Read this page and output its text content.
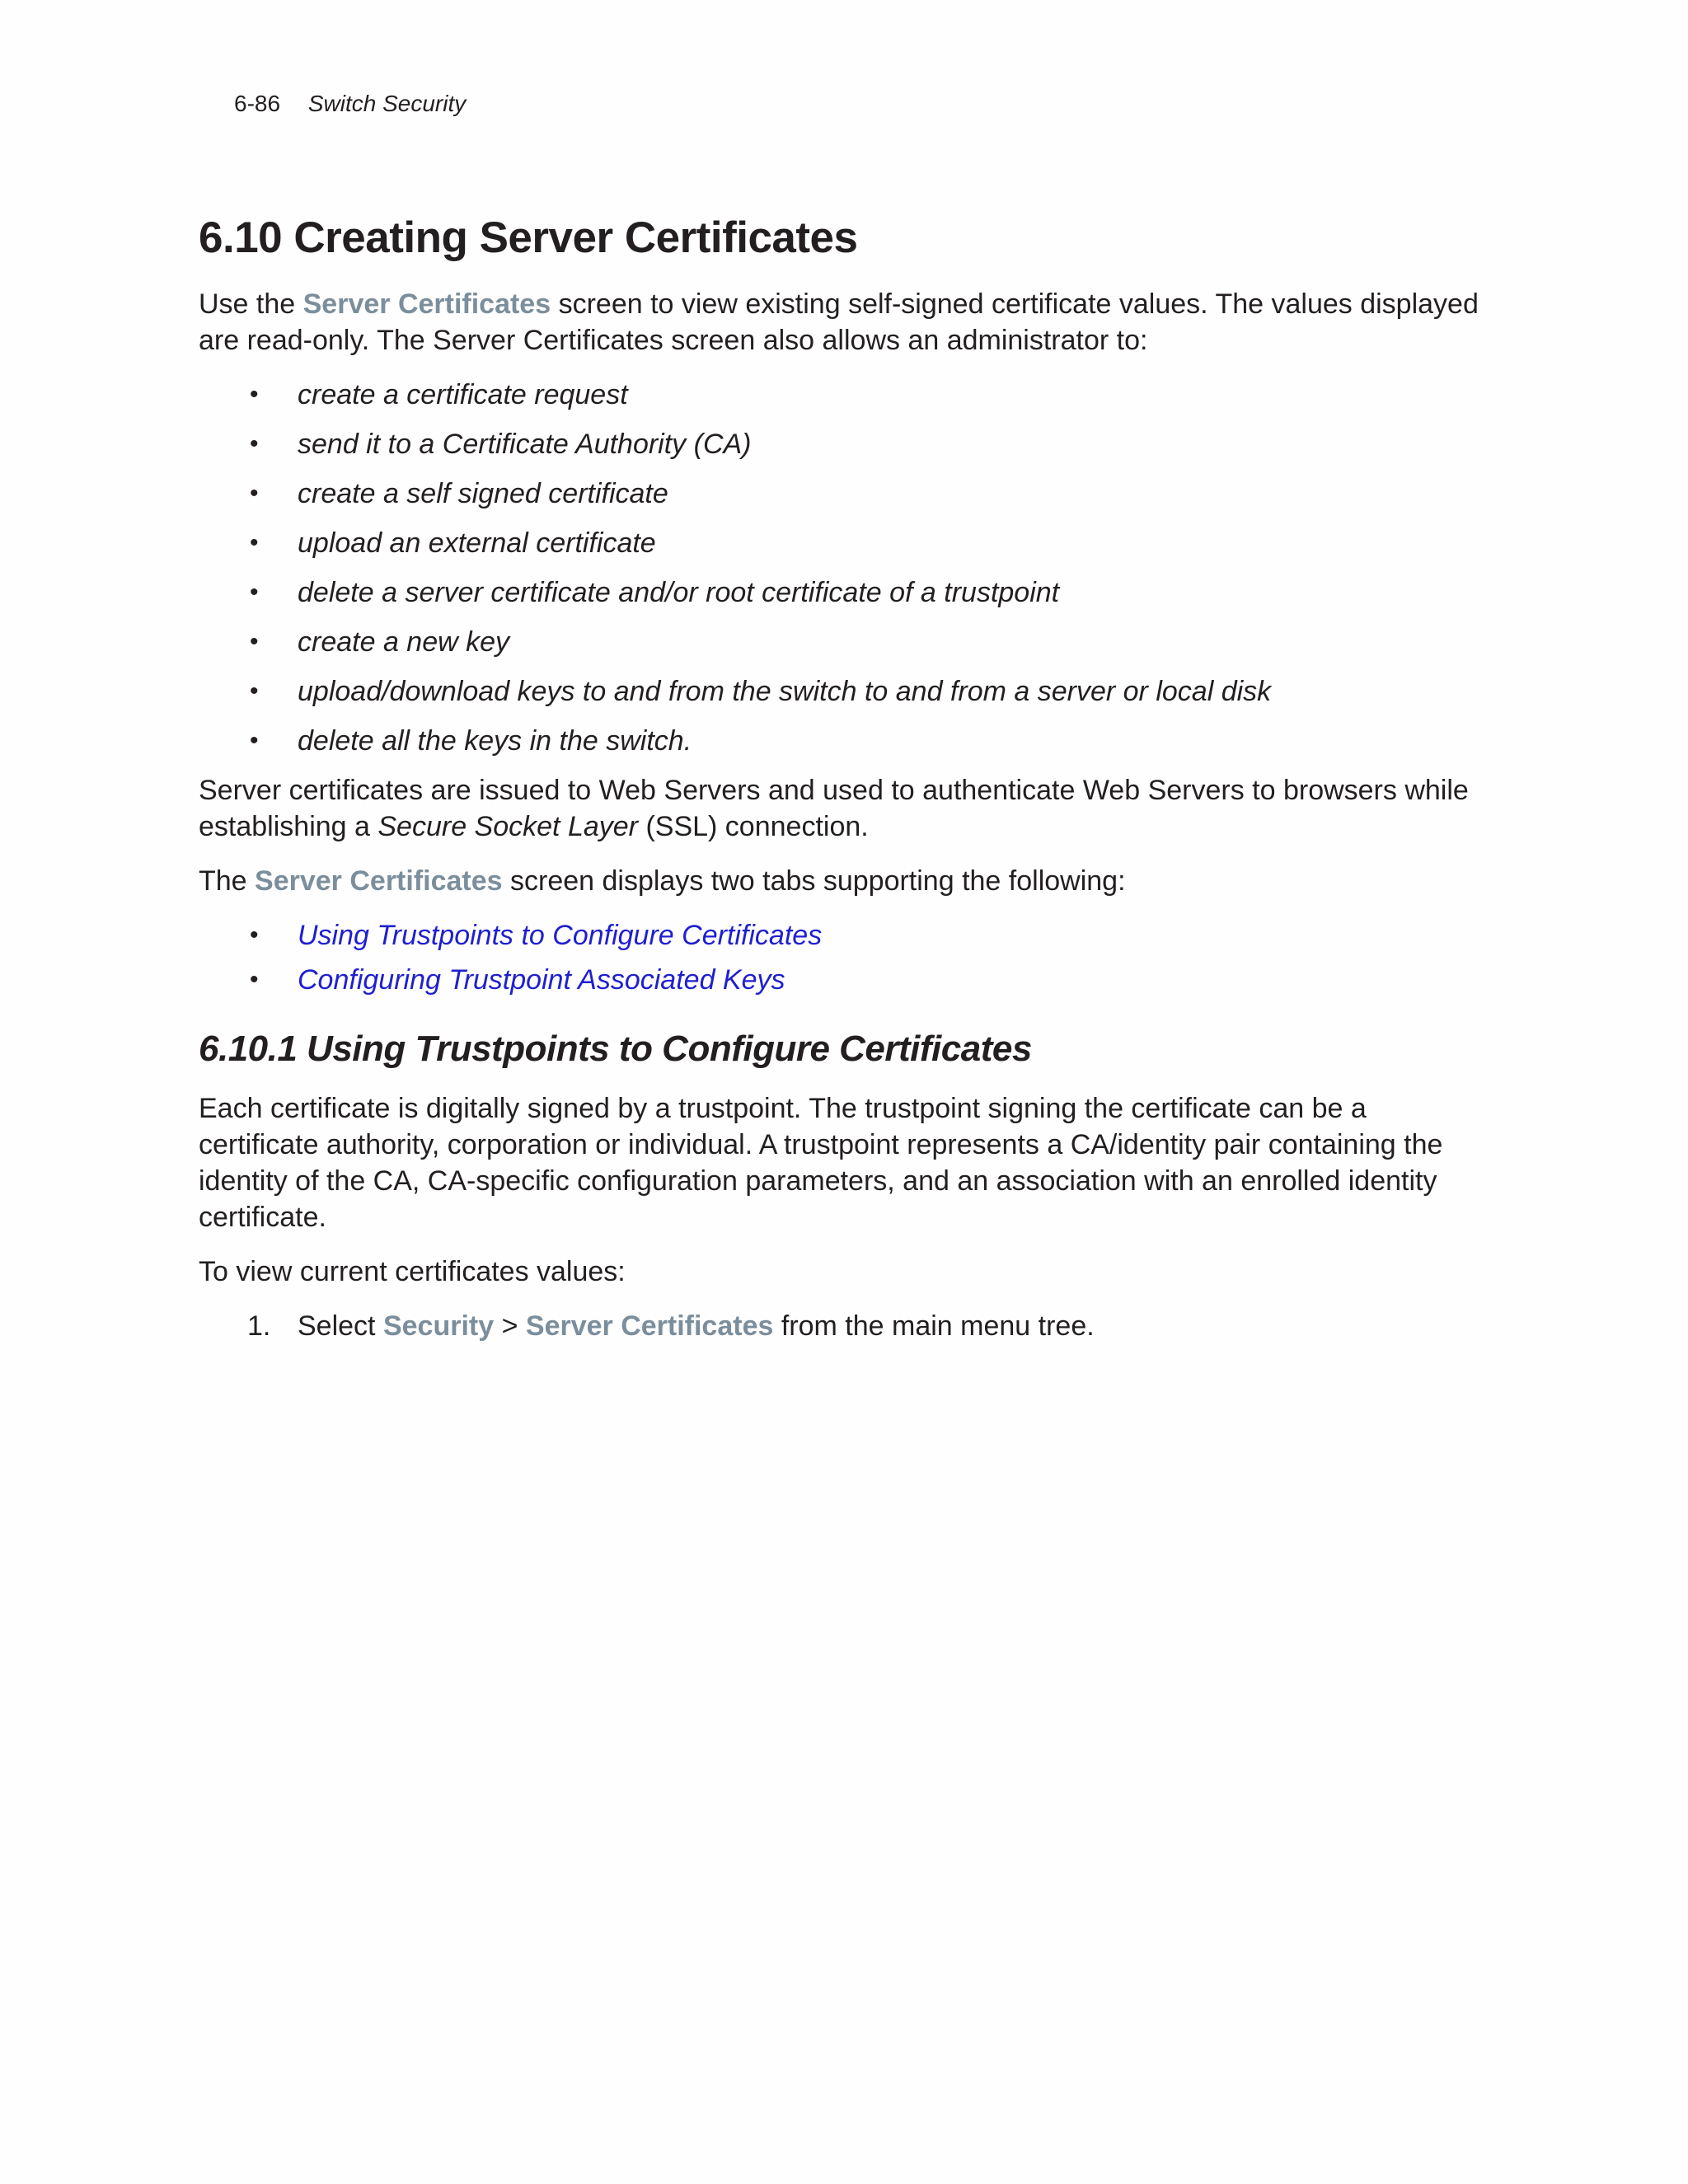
6-86 Switch Security
6.10 Creating Server Certificates

Use the Server Certificates screen to view existing self-signed certificate values. The values displayed are read-only. The Server Certificates screen also allows an administrator to:

• create a certificate request
• send it to a Certificate Authority (CA)
• create a self signed certificate
• upload an external certificate
• delete a server certificate and/or root certificate of a trustpoint
• create a new key
• upload/download keys to and from the switch to and from a server or local disk
• delete all the keys in the switch.

Server certificates are issued to Web Servers and used to authenticate Web Servers to browsers while establishing a Secure Socket Layer (SSL) connection.

The Server Certificates screen displays two tabs supporting the following:

• Using Trustpoints to Configure Certificates
• Configuring Trustpoint Associated Keys
6.10.1 Using Trustpoints to Configure Certificates

Each certificate is digitally signed by a trustpoint. The trustpoint signing the certificate can be a certificate authority, corporation or individual. A trustpoint represents a CA/identity pair containing the identity of the CA, CA-specific configuration parameters, and an association with an enrolled identity certificate.

To view current certificates values:

1. Select Security > Server Certificates from the main menu tree.
